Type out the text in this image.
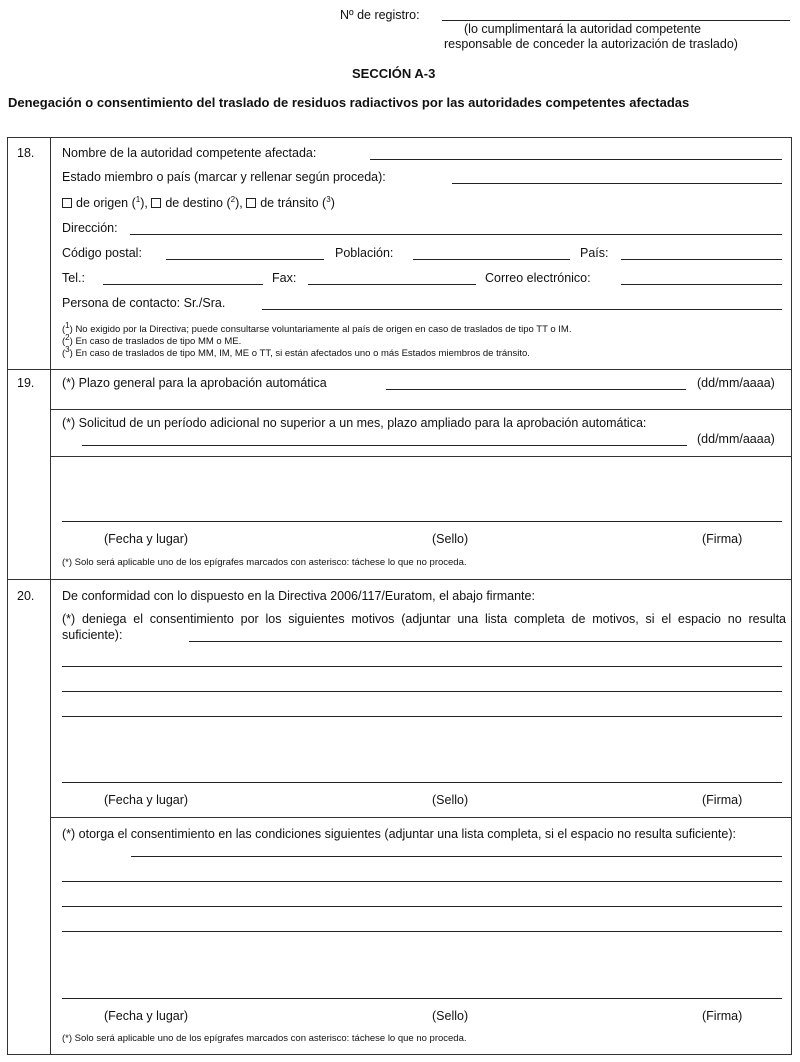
Nº de registro:
(lo cumplimentará la autoridad competente
responsable de conceder la autorización de traslado)
SECCIÓN A-3
Denegación o consentimiento del traslado de residuos radiactivos por las autoridades competentes afectadas
18. Nombre de la autoridad competente afectada:
Estado miembro o país (marcar y rellenar según proceda):
de origen ($^1$), de destino ($^2$), de tránsito ($^3$)
Dirección:
Código postal:	Población:	País:
Tel.:	Fax:	Correo electrónico:
Persona de contacto: Sr./Sra.
($^1$) No exigido por la Directiva; puede consultarse voluntariamente al país de origen en caso de traslados de tipo TT o IM.
($^2$) En caso de traslados de tipo MM o ME.
($^3$) En caso de traslados de tipo MM, IM, ME o TT, si están afectados uno o más Estados miembros de tránsito.
19. (*) Plazo general para la aprobación automática	(dd/mm/aaaa)
(*) Solicitud de un período adicional no superior a un mes, plazo ampliado para la aprobación automática:
(dd/mm/aaaa)
(Fecha y lugar)	(Sello)	(Firma)
(*) Solo será aplicable uno de los epígrafes marcados con asterisco: táchese lo que no proceda.
20. De conformidad con lo dispuesto en la Directiva 2006/117/Euratom, el abajo firmante:
(*) deniega el consentimiento por los siguientes motivos (adjuntar una lista completa de motivos, si el espacio no resulta suficiente):
(Fecha y lugar)	(Sello)	(Firma)
(*) otorga el consentimiento en las condiciones siguientes (adjuntar una lista completa, si el espacio no resulta suficiente):
(Fecha y lugar)	(Sello)	(Firma)
(*) Solo será aplicable uno de los epígrafes marcados con asterisco: táchese lo que no proceda.
